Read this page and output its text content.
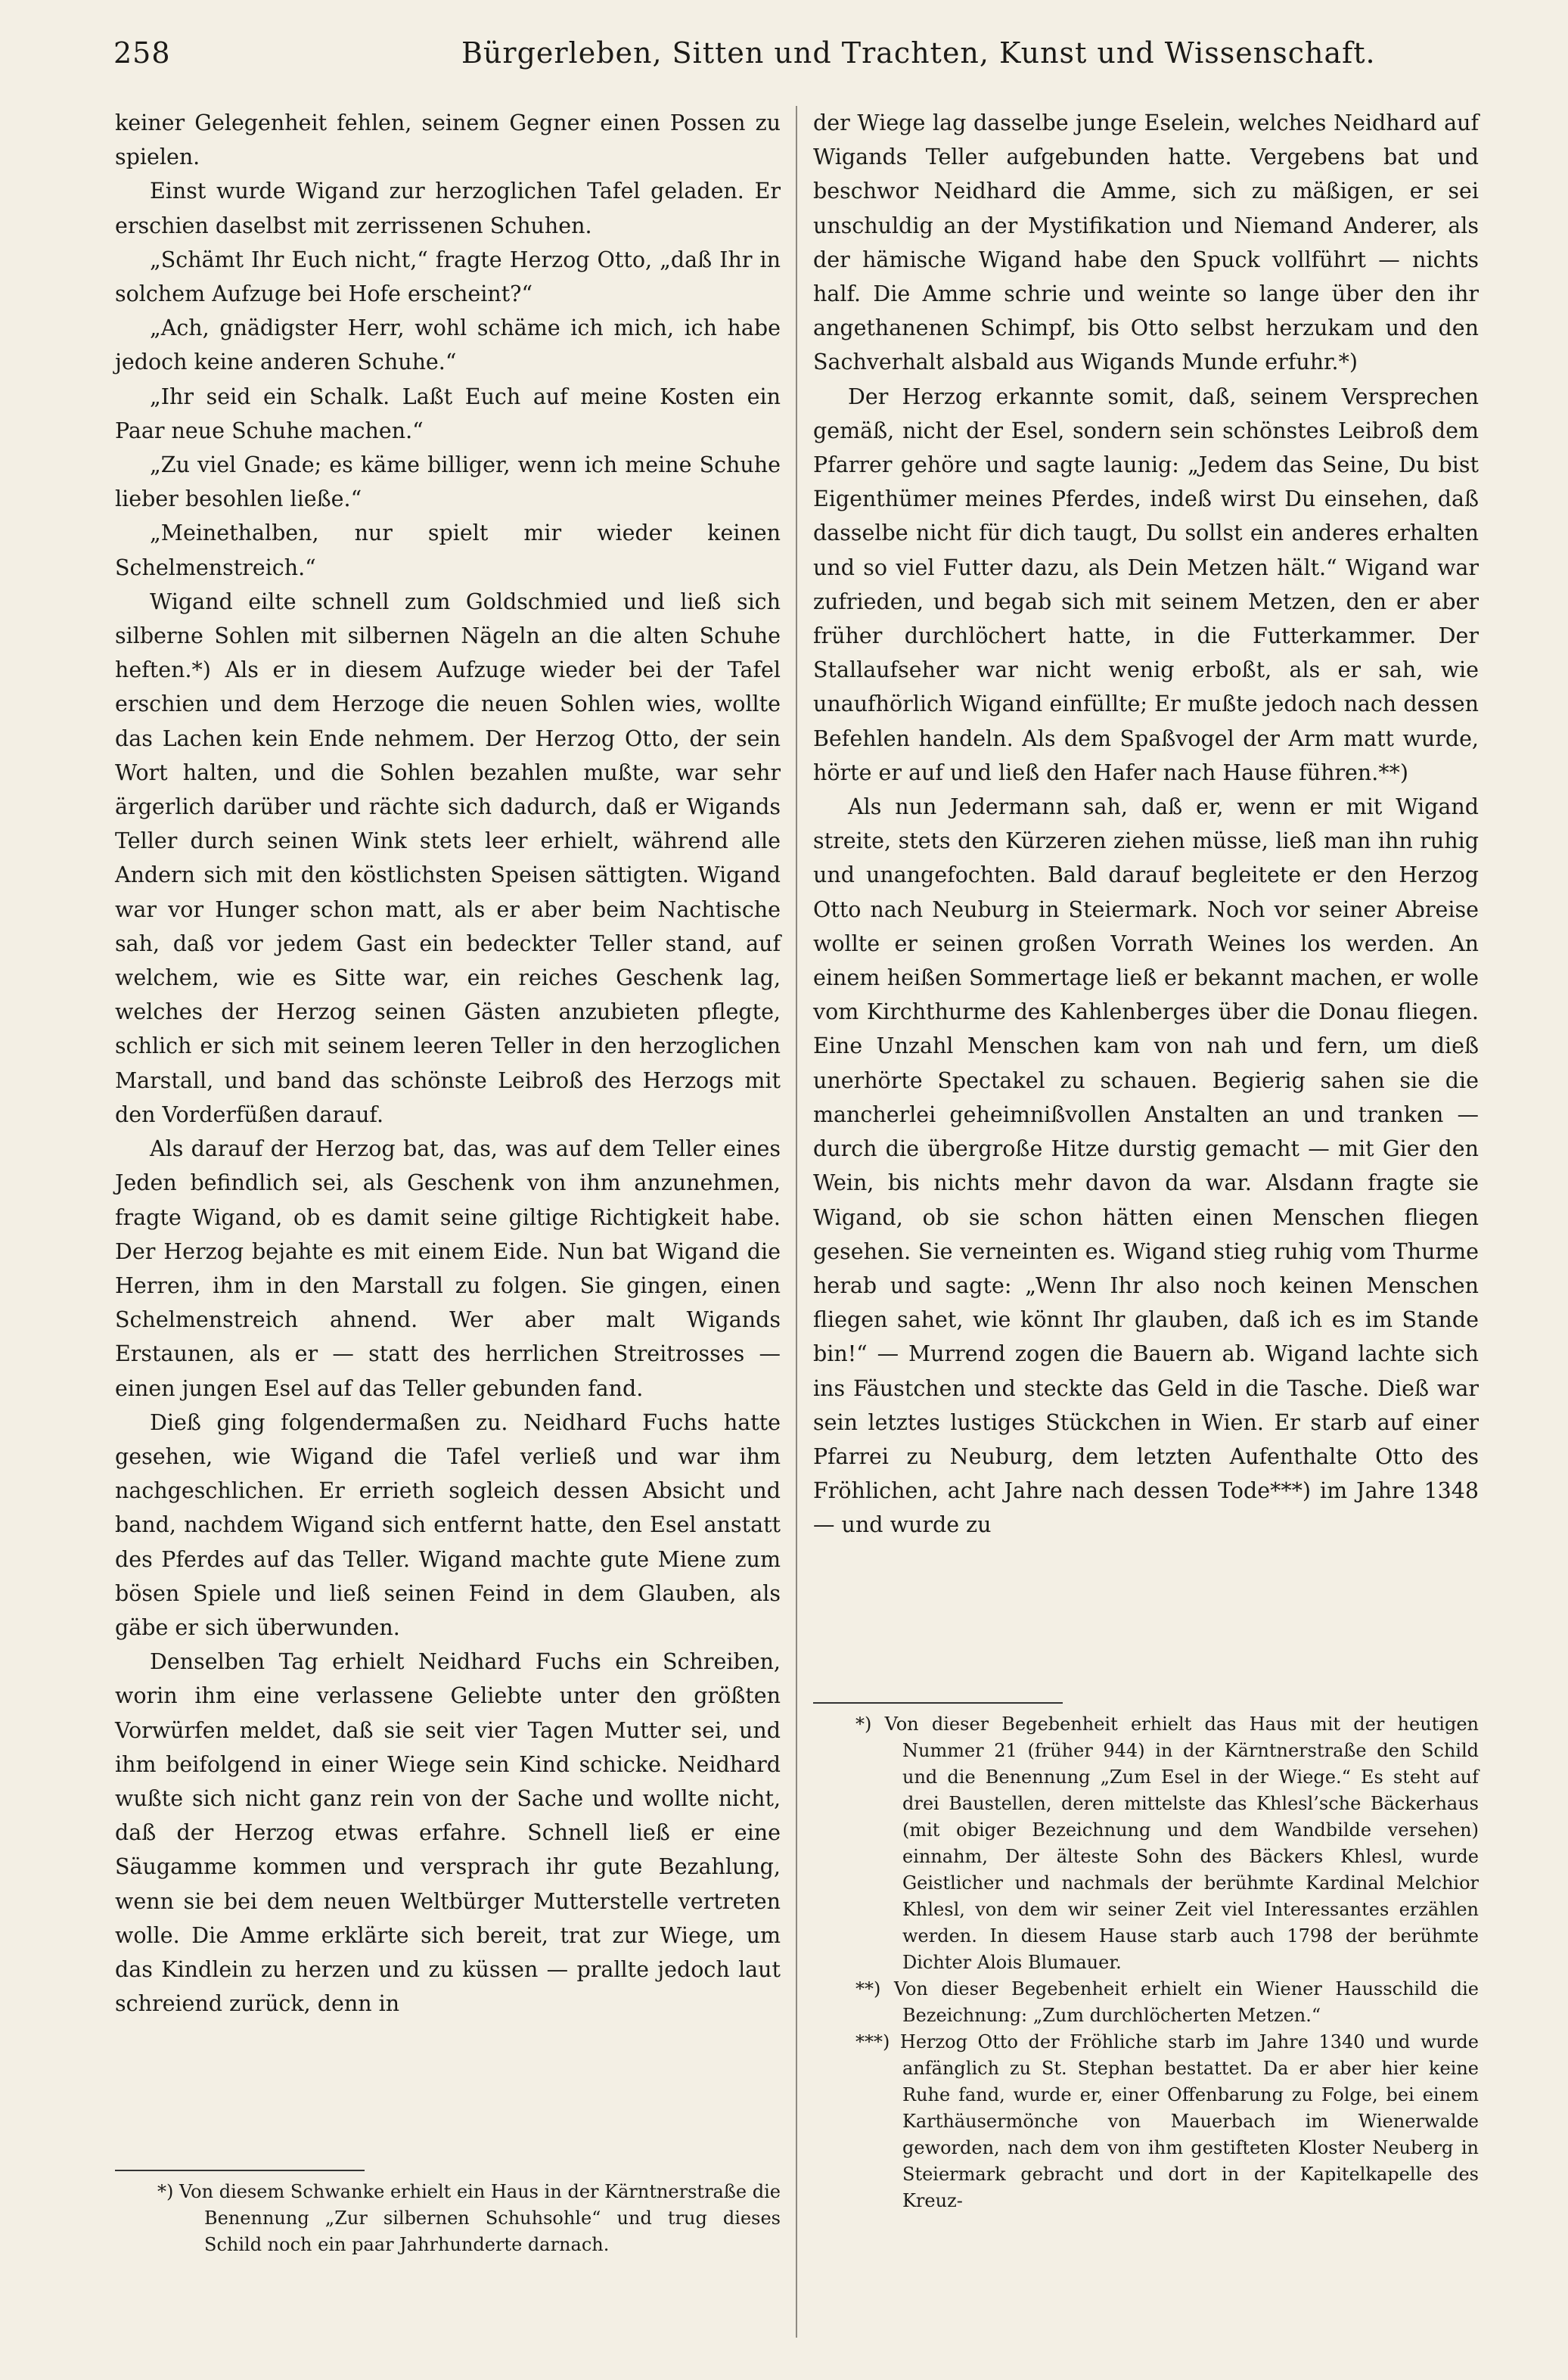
258	Bürgerleben, Sitten und Trachten, Kunst und Wissenschaft.

keiner Gelegenheit fehlen, seinem Gegner einen Possen zu spielen.

Einst wurde Wigand zur herzoglichen Tafel geladen. Er erschien daselbst mit zerrissenen Schuhen.

„Schämt Ihr Euch nicht,“ fragte Herzog Otto, „daß Ihr in solchem Aufzuge bei Hofe erscheint?“

„Ach, gnädigster Herr, wohl schäme ich mich, ich habe jedoch keine anderen Schuhe.“

„Ihr seid ein Schalk. Laßt Euch auf meine Kosten ein Paar neue Schuhe machen.“

„Zu viel Gnade; es käme billiger, wenn ich meine Schuhe lieber besohlen ließe.“

„Meinethalben, nur spielt mir wieder keinen Schelmenstreich.“

Wigand eilte schnell zum Goldschmied und ließ sich silberne Sohlen mit silbernen Nägeln an die alten Schuhe heften.*) Als er in diesem Aufzuge wieder bei der Tafel erschien und dem Herzoge die neuen Sohlen wies, wollte das Lachen kein Ende nehmem. Der Herzog Otto, der sein Wort halten, und die Sohlen bezahlen mußte, war sehr ärgerlich darüber und rächte sich dadurch, daß er Wigands Teller durch seinen Wink stets leer erhielt, während alle Andern sich mit den köstlichsten Speisen sättigten. Wigand war vor Hunger schon matt, als er aber beim Nachtische sah, daß vor jedem Gast ein bedeckter Teller stand, auf welchem, wie es Sitte war, ein reiches Geschenk lag, welches der Herzog seinen Gästen anzubieten pflegte, schlich er sich mit seinem leeren Teller in den herzoglichen Marstall, und band das schönste Leibroß des Herzogs mit den Vorderfüßen darauf.

Als darauf der Herzog bat, das, was auf dem Teller eines Jeden befindlich sei, als Geschenk von ihm anzunehmen, fragte Wigand, ob es damit seine giltige Richtigkeit habe. Der Herzog bejahte es mit einem Eide. Nun bat Wigand die Herren, ihm in den Marstall zu folgen. Sie gingen, einen Schelmenstreich ahnend. Wer aber malt Wigands Erstaunen, als er — statt des herrlichen Streitrosses — einen jungen Esel auf das Teller gebunden fand.

Dieß ging folgendermaßen zu. Neidhard Fuchs hatte gesehen, wie Wigand die Tafel verließ und war ihm nachgeschlichen. Er errieth sogleich dessen Absicht und band, nachdem Wigand sich entfernt hatte, den Esel anstatt des Pferdes auf das Teller. Wigand machte gute Miene zum bösen Spiele und ließ seinen Feind in dem Glauben, als gäbe er sich überwunden.

Denselben Tag erhielt Neidhard Fuchs ein Schreiben, worin ihm eine verlassene Geliebte unter den größten Vorwürfen meldet, daß sie seit vier Tagen Mutter sei, und ihm beifolgend in einer Wiege sein Kind schicke. Neidhard wußte sich nicht ganz rein von der Sache und wollte nicht, daß der Herzog etwas erfahre. Schnell ließ er eine Säugamme kommen und versprach ihr gute Bezahlung, wenn sie bei dem neuen Weltbürger Mutterstelle vertreten wolle. Die Amme erklärte sich bereit, trat zur Wiege, um das Kindlein zu herzen und zu küssen — prallte jedoch laut schreiend zurück, denn in

der Wiege lag dasselbe junge Eselein, welches Neidhard auf Wigands Teller aufgebunden hatte. Vergebens bat und beschwor Neidhard die Amme, sich zu mäßigen, er sei unschuldig an der Mystifikation und Niemand Anderer, als der hämische Wigand habe den Spuck vollführt — nichts half. Die Amme schrie und weinte so lange über den ihr angethanenen Schimpf, bis Otto selbst herzukam und den Sachverhalt alsbald aus Wigands Munde erfuhr.*)

Der Herzog erkannte somit, daß, seinem Versprechen gemäß, nicht der Esel, sondern sein schönstes Leibroß dem Pfarrer gehöre und sagte launig: „Jedem das Seine, Du bist Eigenthümer meines Pferdes, indeß wirst Du einsehen, daß dasselbe nicht für dich taugt, Du sollst ein anderes erhalten und so viel Futter dazu, als Dein Metzen hält.“ Wigand war zufrieden, und begab sich mit seinem Metzen, den er aber früher durchlöchert hatte, in die Futterkammer. Der Stallaufseher war nicht wenig erboßt, als er sah, wie unaufhörlich Wigand einfüllte; Er mußte jedoch nach dessen Befehlen handeln. Als dem Spaßvogel der Arm matt wurde, hörte er auf und ließ den Hafer nach Hause führen.**)

Als nun Jedermann sah, daß er, wenn er mit Wigand streite, stets den Kürzeren ziehen müsse, ließ man ihn ruhig und unangefochten. Bald darauf begleitete er den Herzog Otto nach Neuburg in Steiermark. Noch vor seiner Abreise wollte er seinen großen Vorrath Weines los werden. An einem heißen Sommertage ließ er bekannt machen, er wolle vom Kirchthurme des Kahlenberges über die Donau fliegen. Eine Unzahl Menschen kam von nah und fern, um dieß unerhörte Spectakel zu schauen. Begierig sahen sie die mancherlei geheimnißvollen Anstalten an und tranken — durch die übergroße Hitze durstig gemacht — mit Gier den Wein, bis nichts mehr davon da war. Alsdann fragte sie Wigand, ob sie schon hätten einen Menschen fliegen gesehen. Sie verneinten es. Wigand stieg ruhig vom Thurme herab und sagte: „Wenn Ihr also noch keinen Menschen fliegen sahet, wie könnt Ihr glauben, daß ich es im Stande bin!“ — Murrend zogen die Bauern ab. Wigand lachte sich ins Fäustchen und steckte das Geld in die Tasche. Dieß war sein letztes lustiges Stückchen in Wien. Er starb auf einer Pfarrei zu Neuburg, dem letzten Aufenthalte Otto des Fröhlichen, acht Jahre nach dessen Tode***) im Jahre 1348 — und wurde zu

*) Von diesem Schwanke erhielt ein Haus in der Kärntnerstraße die Benennung „Zur silbernen Schuhsohle“ und trug dieses Schild noch ein paar Jahrhunderte darnach.

*) Von dieser Begebenheit erhielt das Haus mit der heutigen Nummer 21 (früher 944) in der Kärntnerstraße den Schild und die Benennung „Zum Esel in der Wiege.“ Es steht auf drei Baustellen, deren mittelste das Khlesl’sche Bäckerhaus (mit obiger Bezeichnung und dem Wandbilde versehen) einnahm, Der älteste Sohn des Bäckers Khlesl, wurde Geistlicher und nachmals der berühmte Kardinal Melchior Khlesl, von dem wir seiner Zeit viel Interessantes erzählen werden. In diesem Hause starb auch 1798 der berühmte Dichter Alois Blumauer.

**) Von dieser Begebenheit erhielt ein Wiener Hausschild die Bezeichnung: „Zum durchlöcherten Metzen.“

***) Herzog Otto der Fröhliche starb im Jahre 1340 und wurde anfänglich zu St. Stephan bestattet. Da er aber hier keine Ruhe fand, wurde er, einer Offenbarung zu Folge, bei einem Karthäusermönche von Mauerbach im Wienerwalde geworden, nach dem von ihm gestifteten Kloster Neuberg in Steiermark gebracht und dort in der Kapitelkapelle des Kreuz-
